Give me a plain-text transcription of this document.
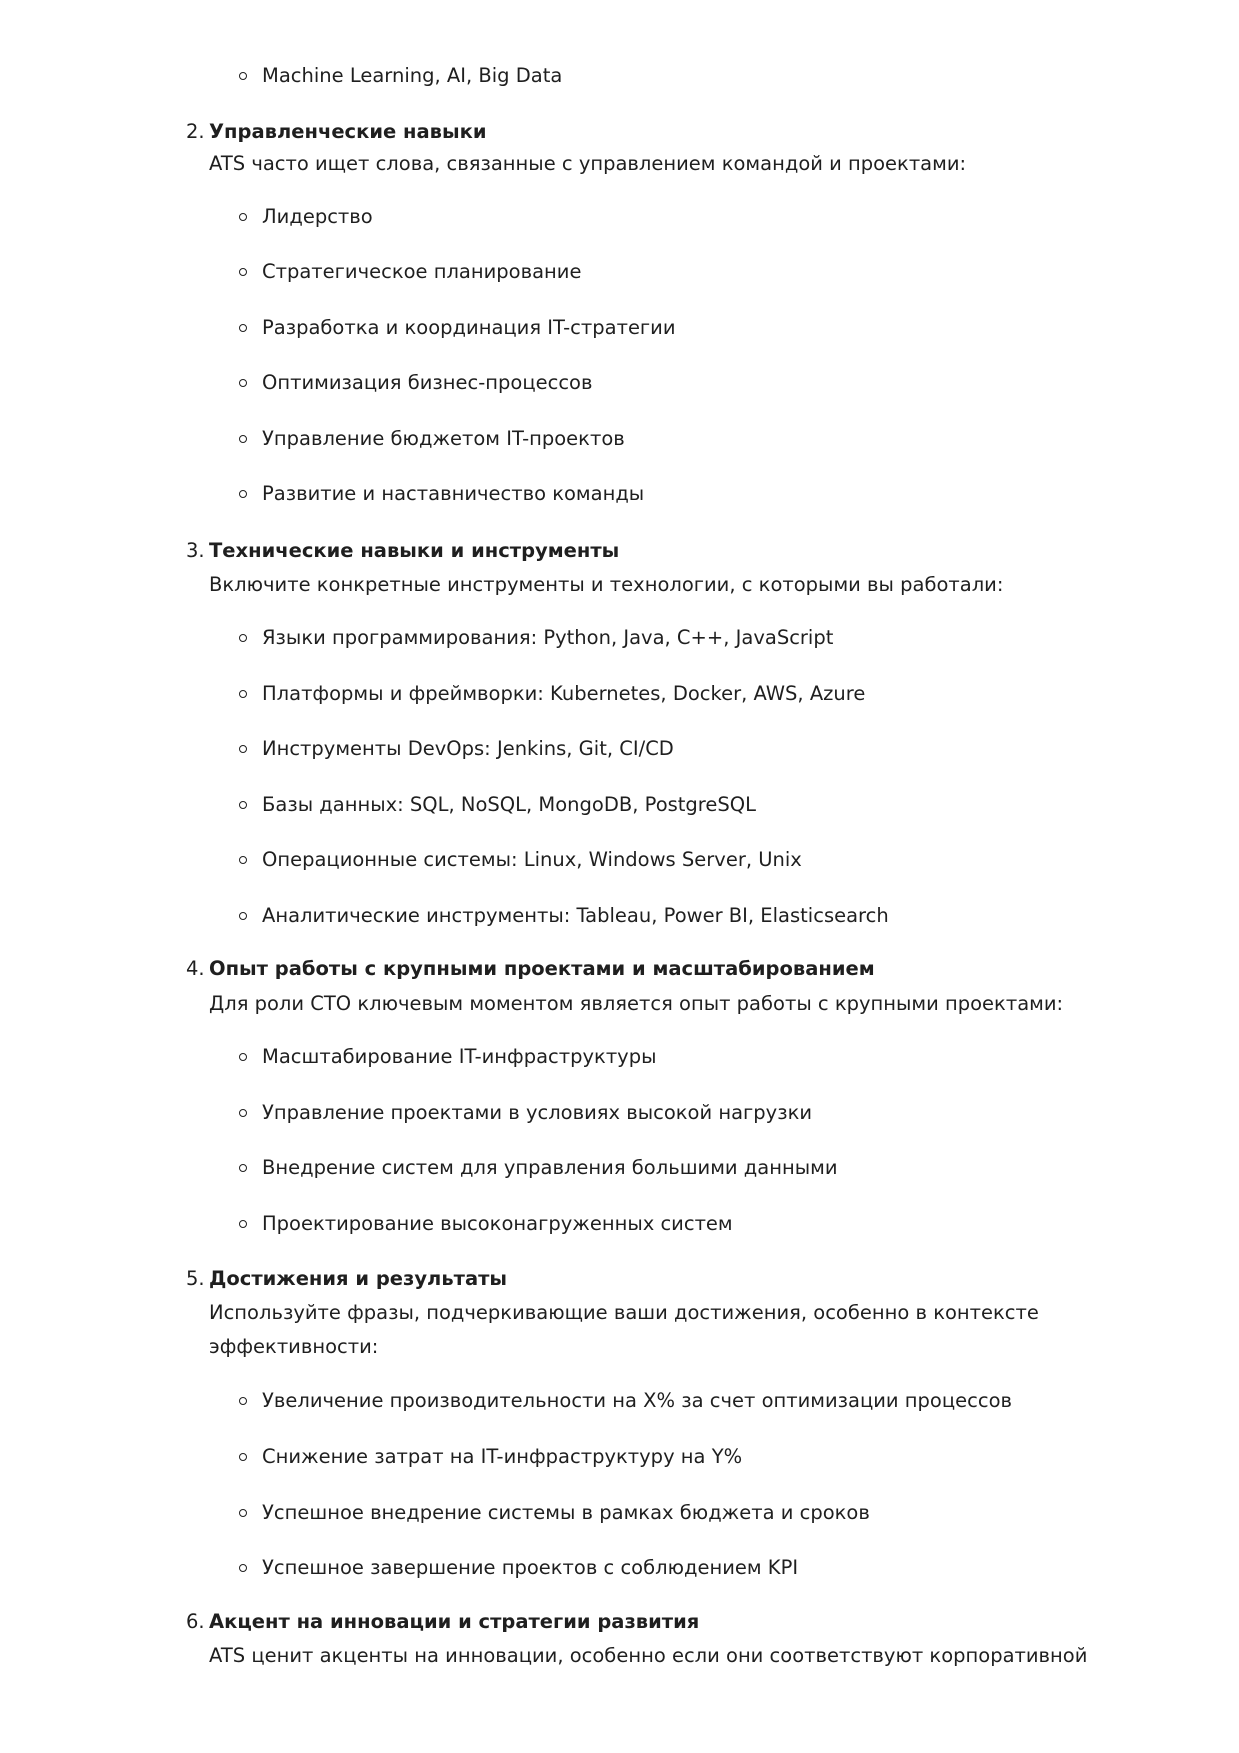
Machine Learning, AI, Big Data
2. Управленческие навыки
ATS часто ищет слова, связанные с управлением командой и проектами:
Лидерство
Стратегическое планирование
Разработка и координация IT-стратегии
Оптимизация бизнес-процессов
Управление бюджетом IT-проектов
Развитие и наставничество команды
3. Технические навыки и инструменты
Включите конкретные инструменты и технологии, с которыми вы работали:
Языки программирования: Python, Java, C++, JavaScript
Платформы и фреймворки: Kubernetes, Docker, AWS, Azure
Инструменты DevOps: Jenkins, Git, CI/CD
Базы данных: SQL, NoSQL, MongoDB, PostgreSQL
Операционные системы: Linux, Windows Server, Unix
Аналитические инструменты: Tableau, Power BI, Elasticsearch
4. Опыт работы с крупными проектами и масштабированием
Для роли CTO ключевым моментом является опыт работы с крупными проектами:
Масштабирование IT-инфраструктуры
Управление проектами в условиях высокой нагрузки
Внедрение систем для управления большими данными
Проектирование высоконагруженных систем
5. Достижения и результаты
Используйте фразы, подчеркивающие ваши достижения, особенно в контексте
эффективности:
Увеличение производительности на X% за счет оптимизации процессов
Снижение затрат на IT-инфраструктуру на Y%
Успешное внедрение системы в рамках бюджета и сроков
Успешное завершение проектов с соблюдением KPI
6. Акцент на инновации и стратегии развития
ATS ценит акценты на инновации, особенно если они соответствуют корпоративной
